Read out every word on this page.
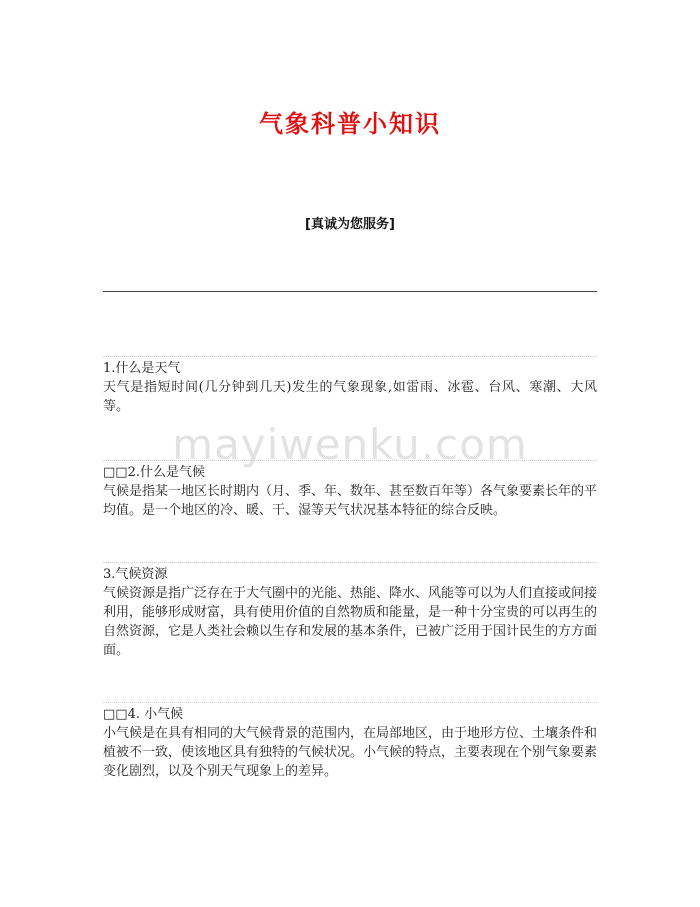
气象科普小知识
[真诚为您服务]
mayiwenku.com
1.什么是天气
天气是指短时间(几分钟到几天)发生的气象现象,如雷雨、冰雹、台风、寒潮、大风等。
□□2.什么是气候
气候是指某一地区长时期内（月、季、年、数年、甚至数百年等）各气象要素长年的平均值。是一个地区的冷、暖、干、湿等天气状况基本特征的综合反映。
3.气候资源
气候资源是指广泛存在于大气圈中的光能、热能、降水、风能等可以为人们直接或间接利用，能够形成财富，具有使用价值的自然物质和能量，是一种十分宝贵的可以再生的自然资源，它是人类社会赖以生存和发展的基本条件，已被广泛用于国计民生的方方面面。
□□4. 小气候
小气候是在具有相同的大气候背景的范围内，在局部地区，由于地形方位、土壤条件和植被不一致，使该地区具有独特的气候状况。小气候的特点，主要表现在个别气象要素变化剧烈，以及个别天气现象上的差异。
